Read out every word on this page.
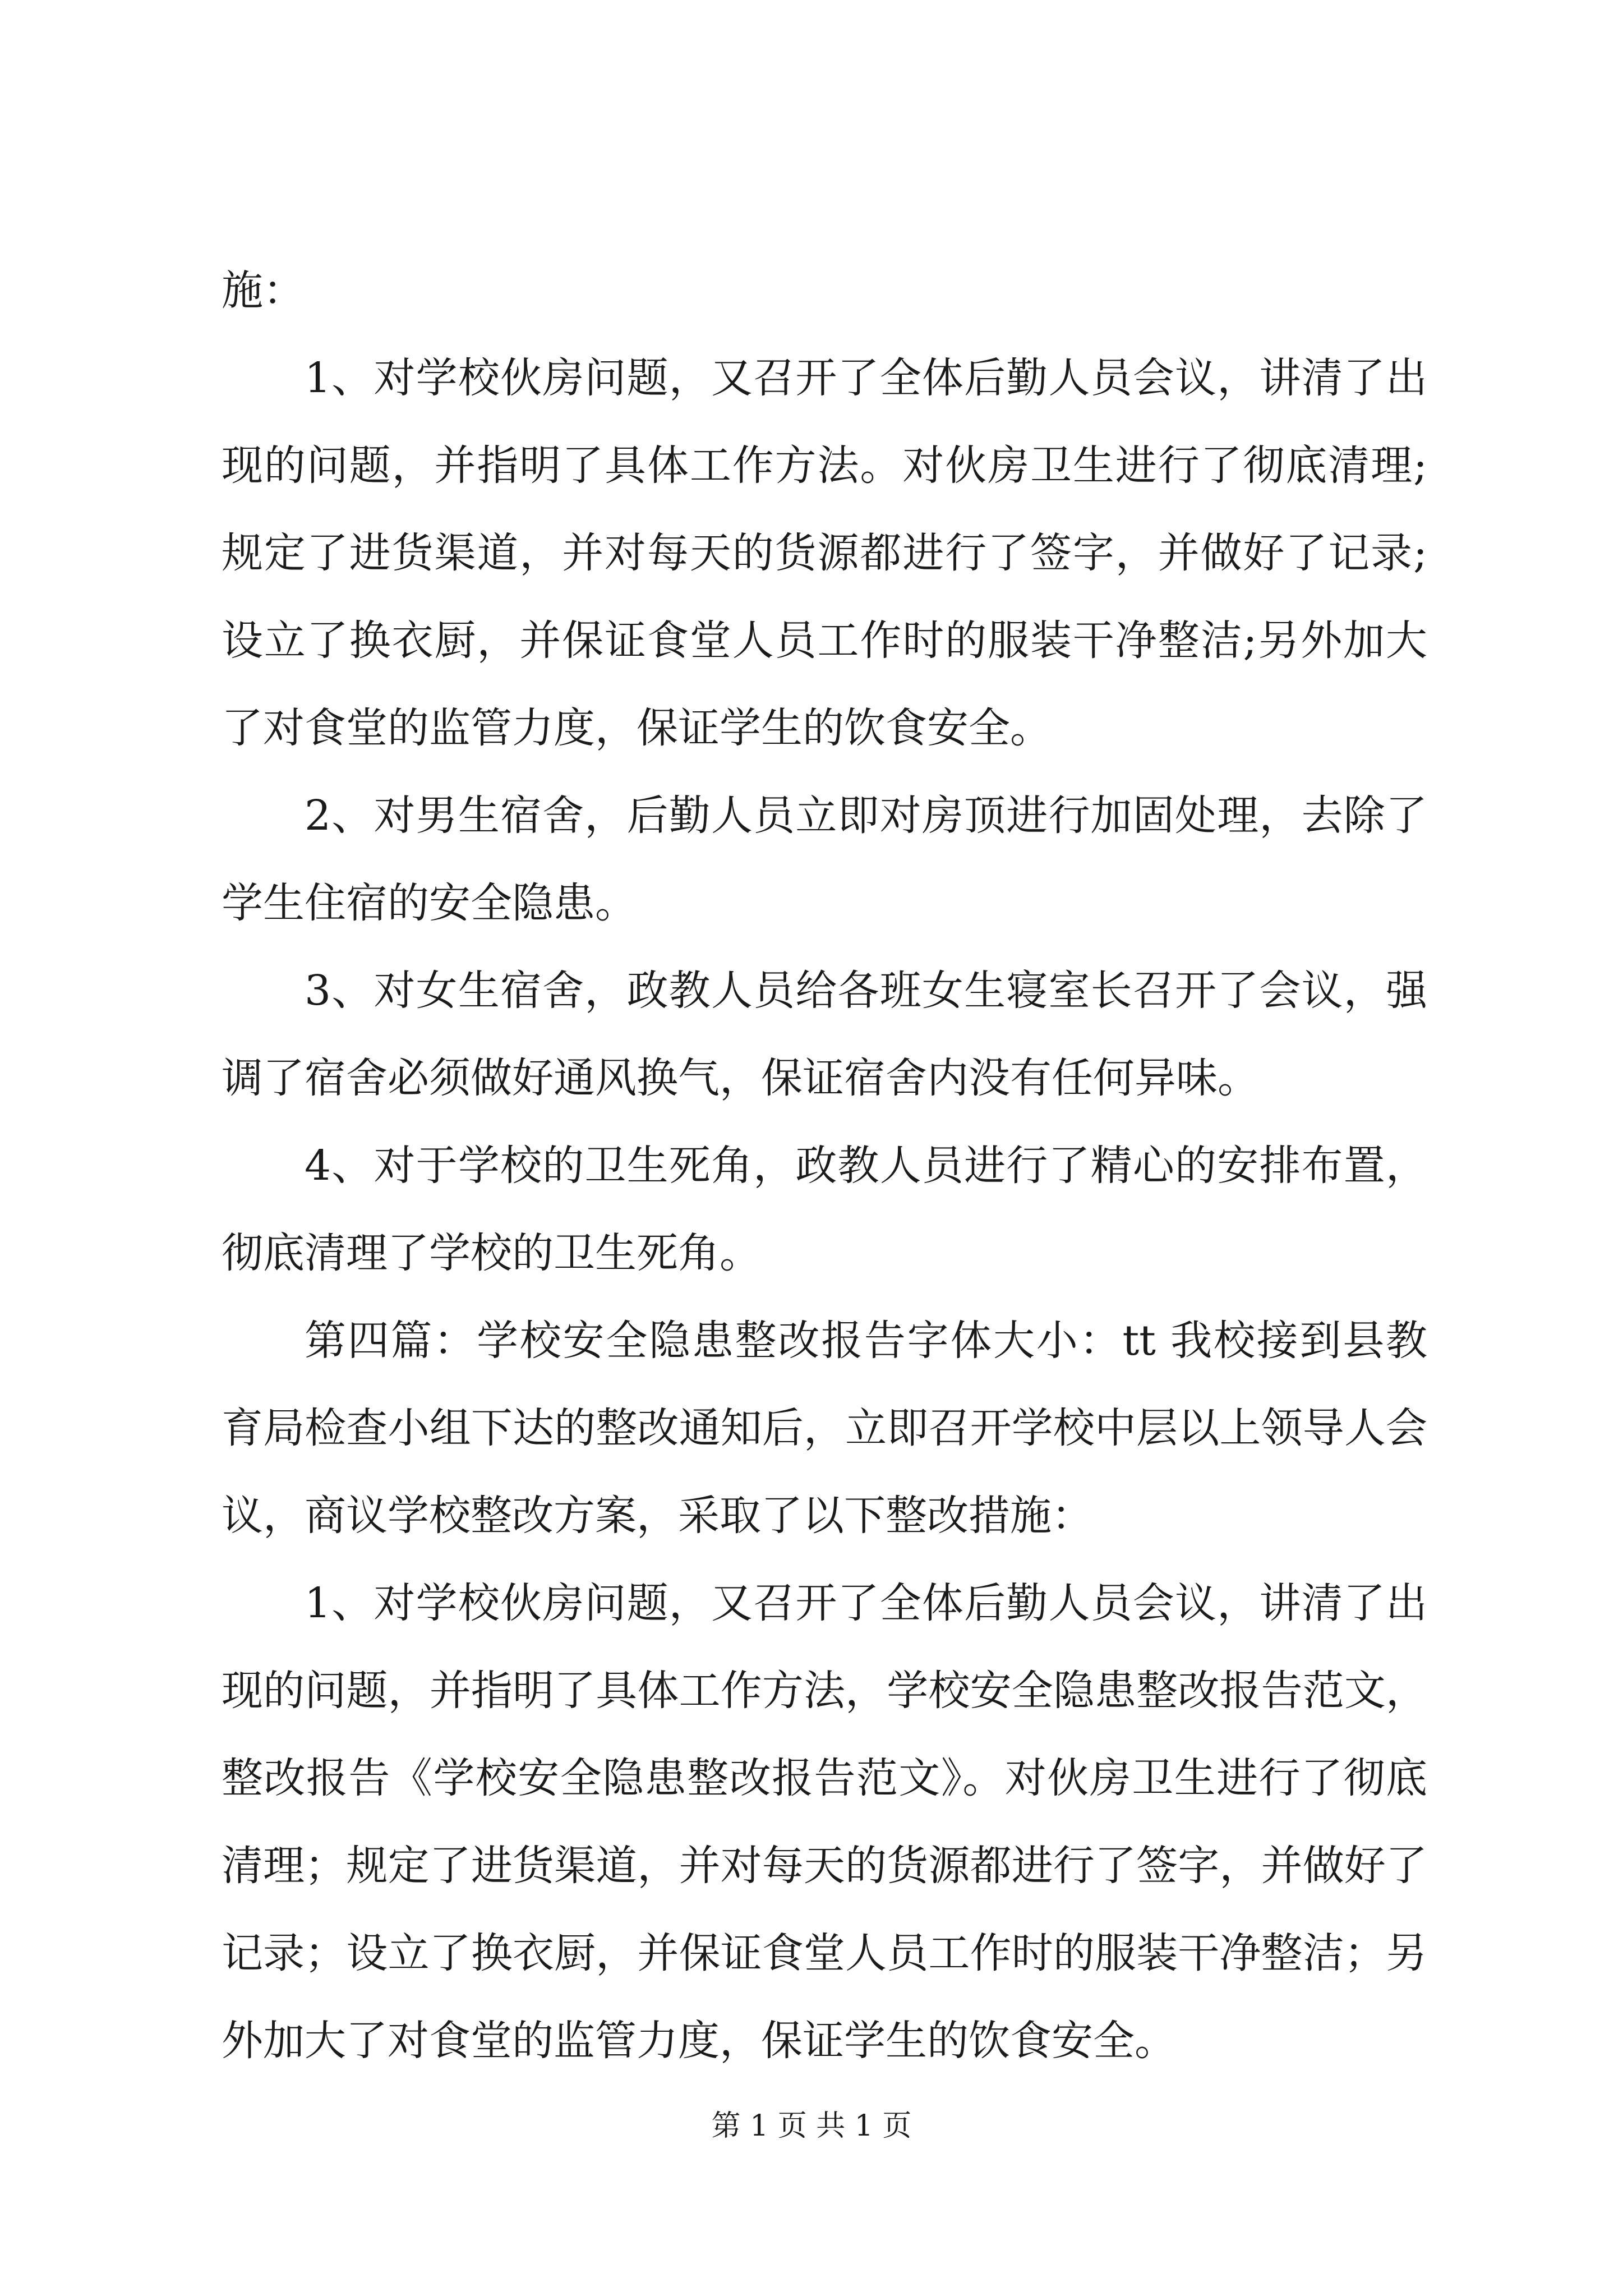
施：

1、对学校伙房问题，又召开了全体后勤人员会议，讲清了出现的问题，并指明了具体工作方法。对伙房卫生进行了彻底清理;规定了进货渠道，并对每天的货源都进行了签字，并做好了记录;设立了换衣厨，并保证食堂人员工作时的服装干净整洁;另外加大了对食堂的监管力度，保证学生的饮食安全。

2、对男生宿舍，后勤人员立即对房顶进行加固处理，去除了学生住宿的安全隐患。

3、对女生宿舍，政教人员给各班女生寝室长召开了会议，强调了宿舍必须做好通风换气，保证宿舍内没有任何异味。

4、对于学校的卫生死角，政教人员进行了精心的安排布置，彻底清理了学校的卫生死角。

第四篇：学校安全隐患整改报告字体大小：tt 我校接到县教育局检查小组下达的整改通知后，立即召开学校中层以上领导人会议，商议学校整改方案，采取了以下整改措施：

1、对学校伙房问题，又召开了全体后勤人员会议，讲清了出现的问题，并指明了具体工作方法，学校安全隐患整改报告范文，整改报告《学校安全隐患整改报告范文》。对伙房卫生进行了彻底清理；规定了进货渠道，并对每天的货源都进行了签字，并做好了记录；设立了换衣厨，并保证食堂人员工作时的服装干净整洁；另外加大了对食堂的监管力度，保证学生的饮食安全。

第 1 页 共 1 页
